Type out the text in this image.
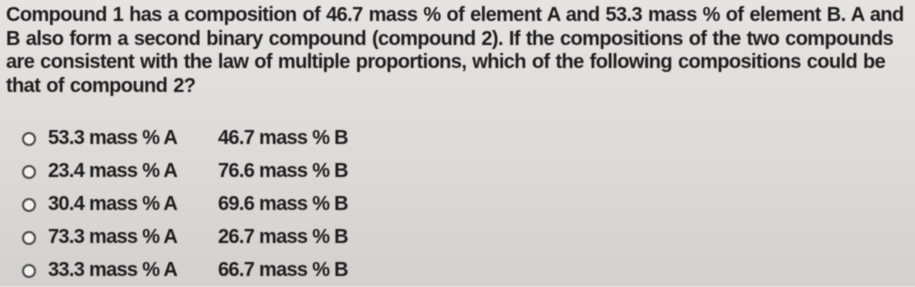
Compound 1 has a composition of 46.7 mass % of element A and 53.3 mass % of element B. A and B also form a second binary compound (compound 2). If the compositions of the two compounds are consistent with the law of multiple proportions, which of the following compositions could be that of compound 2?
53.3 mass % A	46.7 mass % B
23.4 mass % A	76.6 mass % B
30.4 mass % A	69.6 mass % B
73.3 mass % A	26.7 mass % B
33.3 mass % A	66.7 mass % B
